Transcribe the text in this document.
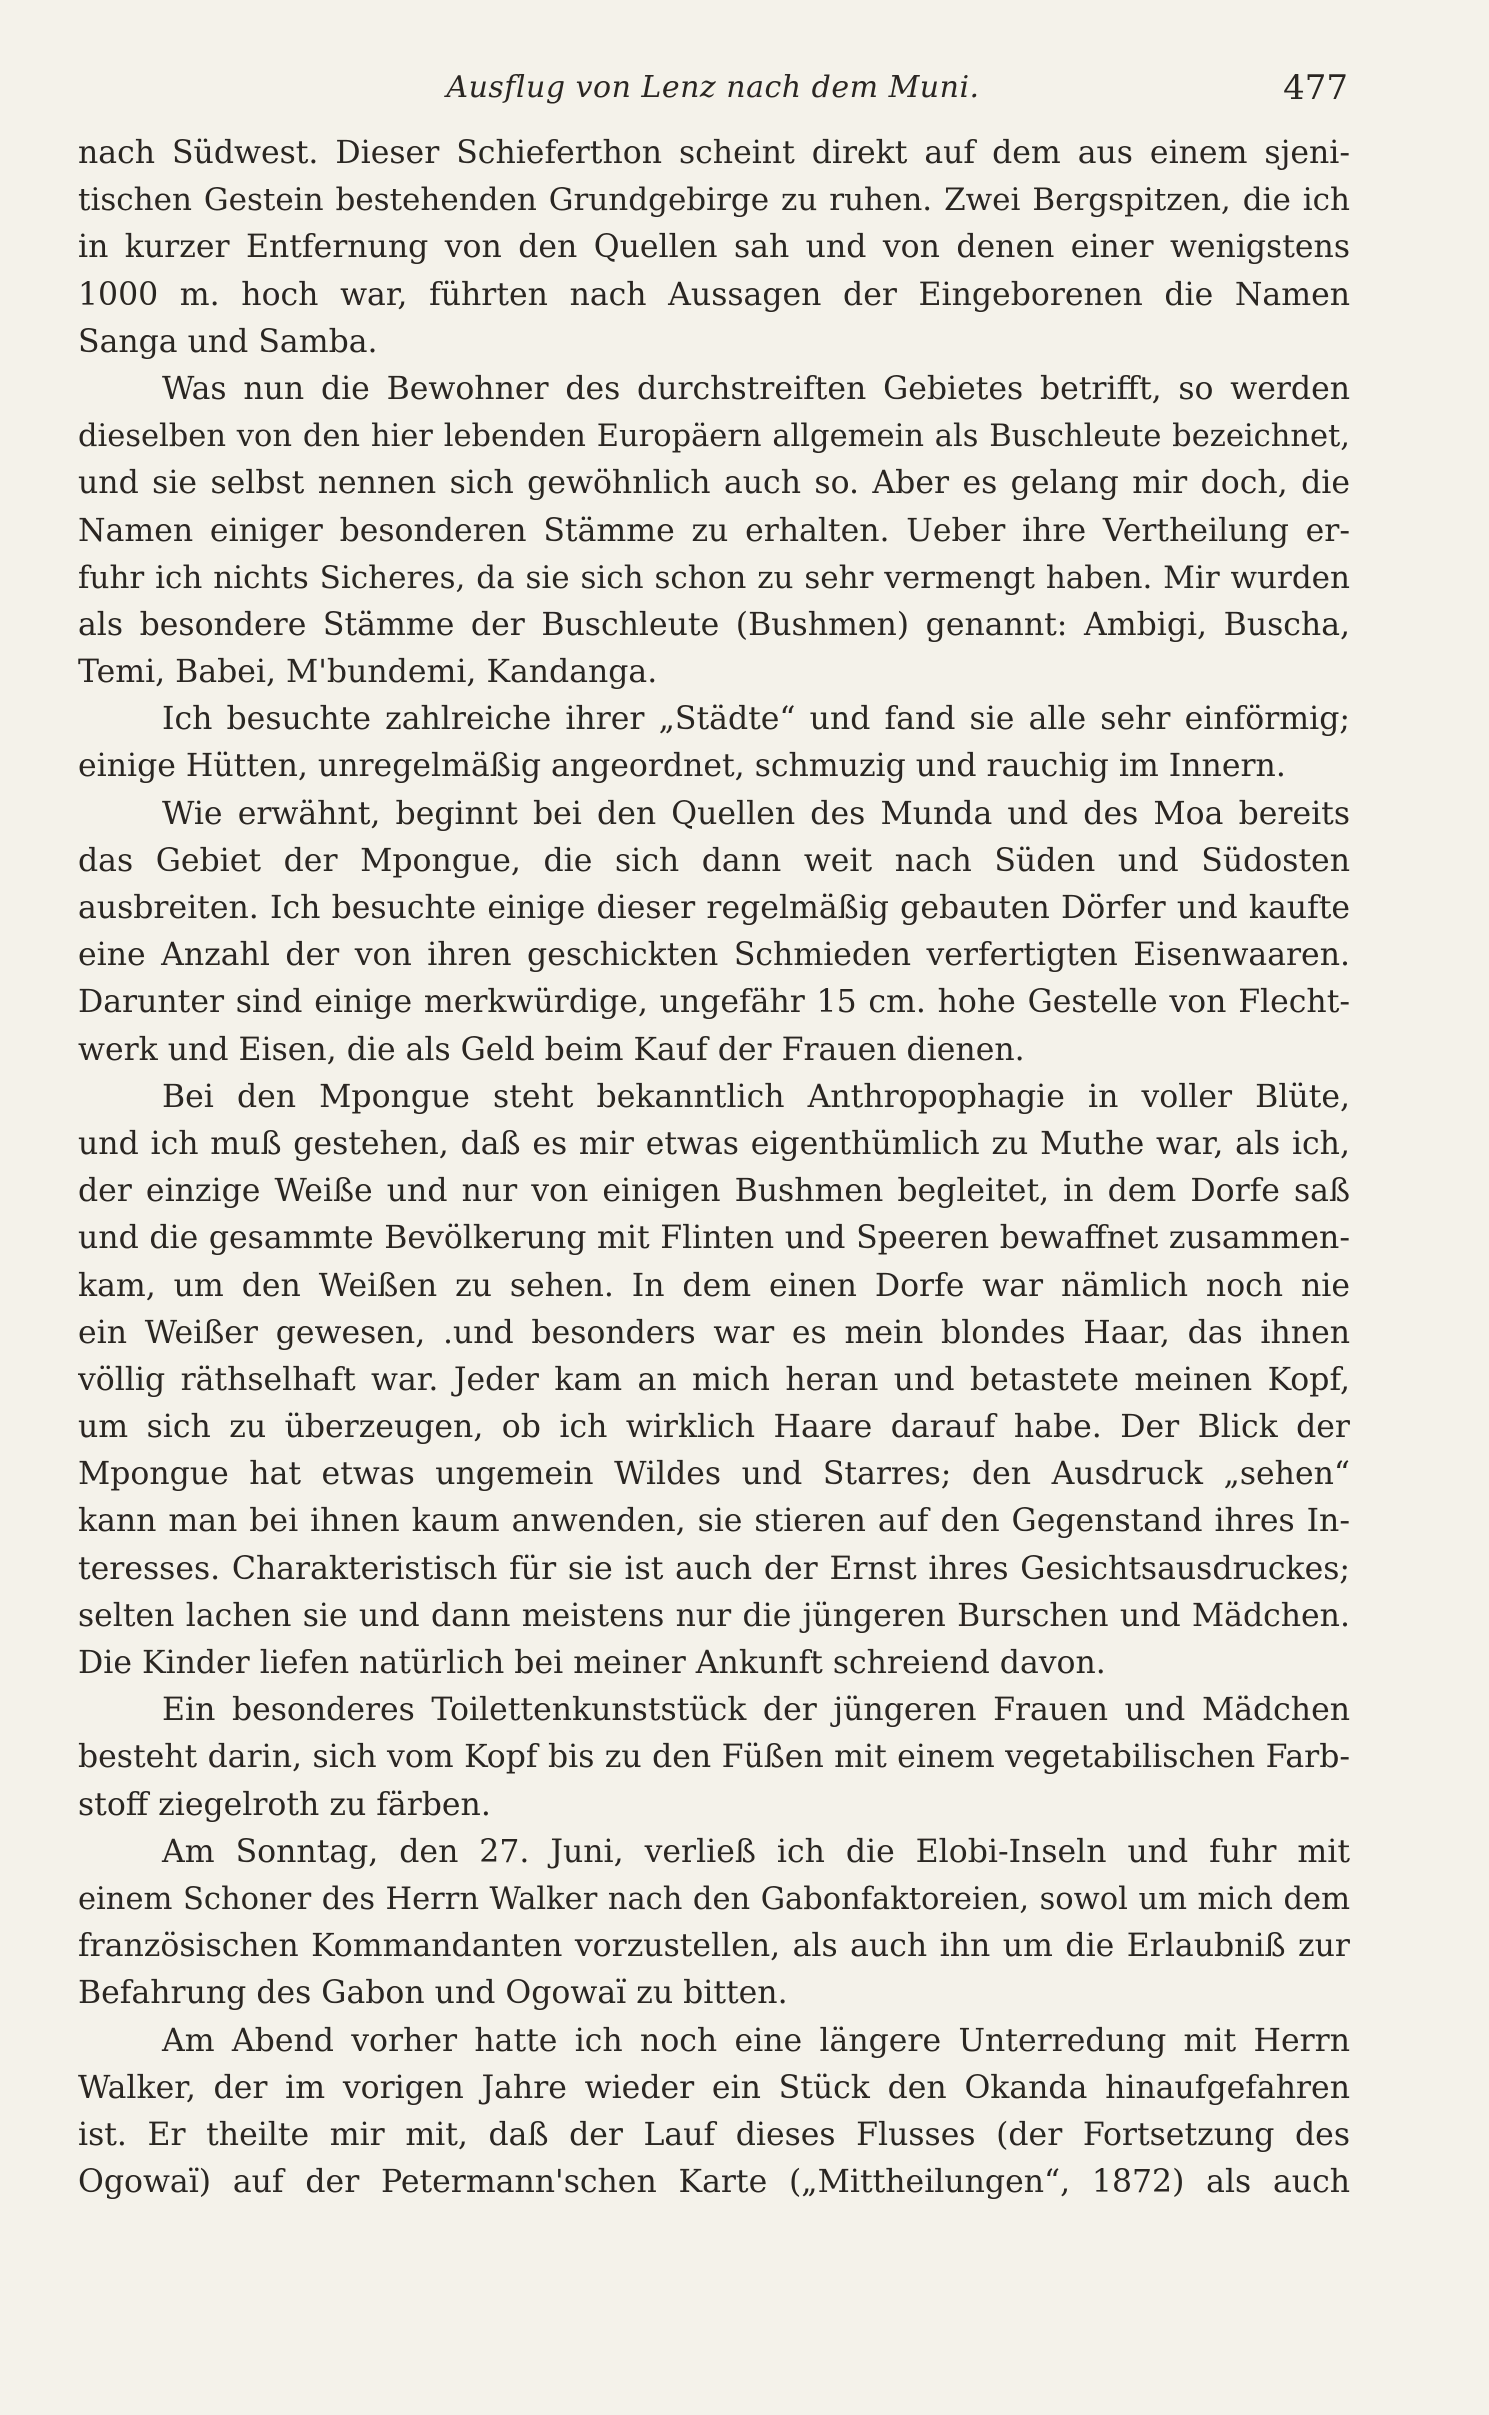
Ausflug von Lenz nach dem Muni.	477
nach Südwest. Dieser Schieferthon scheint direkt auf dem aus einem sjeni-
tischen Gestein bestehenden Grundgebirge zu ruhen. Zwei Bergspitzen, die ich
in kurzer Entfernung von den Quellen sah und von denen einer wenigstens
1000 m. hoch war, führten nach Aussagen der Eingeborenen die Namen
Sanga und Samba.
Was nun die Bewohner des durchstreiften Gebietes betrifft, so werden
dieselben von den hier lebenden Europäern allgemein als Buschleute bezeichnet,
und sie selbst nennen sich gewöhnlich auch so. Aber es gelang mir doch, die
Namen einiger besonderen Stämme zu erhalten. Ueber ihre Vertheilung er-
fuhr ich nichts Sicheres, da sie sich schon zu sehr vermengt haben. Mir wurden
als besondere Stämme der Buschleute (Bushmen) genannt: Ambigi, Buscha,
Temi, Babei, M'bundemi, Kandanga.
Ich besuchte zahlreiche ihrer „Städte“ und fand sie alle sehr einförmig;
einige Hütten, unregelmäßig angeordnet, schmuzig und rauchig im Innern.
Wie erwähnt, beginnt bei den Quellen des Munda und des Moa bereits
das Gebiet der Mpongue, die sich dann weit nach Süden und Südosten
ausbreiten. Ich besuchte einige dieser regelmäßig gebauten Dörfer und kaufte
eine Anzahl der von ihren geschickten Schmieden verfertigten Eisenwaaren.
Darunter sind einige merkwürdige, ungefähr 15 cm. hohe Gestelle von Flecht-
werk und Eisen, die als Geld beim Kauf der Frauen dienen.
Bei den Mpongue steht bekanntlich Anthropophagie in voller Blüte,
und ich muß gestehen, daß es mir etwas eigenthümlich zu Muthe war, als ich,
der einzige Weiße und nur von einigen Bushmen begleitet, in dem Dorfe saß
und die gesammte Bevölkerung mit Flinten und Speeren bewaffnet zusammen-
kam, um den Weißen zu sehen. In dem einen Dorfe war nämlich noch nie
ein Weißer gewesen, .und besonders war es mein blondes Haar, das ihnen
völlig räthselhaft war. Jeder kam an mich heran und betastete meinen Kopf,
um sich zu überzeugen, ob ich wirklich Haare darauf habe. Der Blick der
Mpongue hat etwas ungemein Wildes und Starres; den Ausdruck „sehen“
kann man bei ihnen kaum anwenden, sie stieren auf den Gegenstand ihres In-
teresses. Charakteristisch für sie ist auch der Ernst ihres Gesichtsausdruckes;
selten lachen sie und dann meistens nur die jüngeren Burschen und Mädchen.
Die Kinder liefen natürlich bei meiner Ankunft schreiend davon.
Ein besonderes Toilettenkunststück der jüngeren Frauen und Mädchen
besteht darin, sich vom Kopf bis zu den Füßen mit einem vegetabilischen Farb-
stoff ziegelroth zu färben.
Am Sonntag, den 27. Juni, verließ ich die Elobi-Inseln und fuhr mit
einem Schoner des Herrn Walker nach den Gabonfaktoreien, sowol um mich dem
französischen Kommandanten vorzustellen, als auch ihn um die Erlaubniß zur
Befahrung des Gabon und Ogowaï zu bitten.
Am Abend vorher hatte ich noch eine längere Unterredung mit Herrn
Walker, der im vorigen Jahre wieder ein Stück den Okanda hinaufgefahren
ist. Er theilte mir mit, daß der Lauf dieses Flusses (der Fortsetzung des
Ogowaï) auf der Petermann'schen Karte („Mittheilungen“, 1872) als auch
